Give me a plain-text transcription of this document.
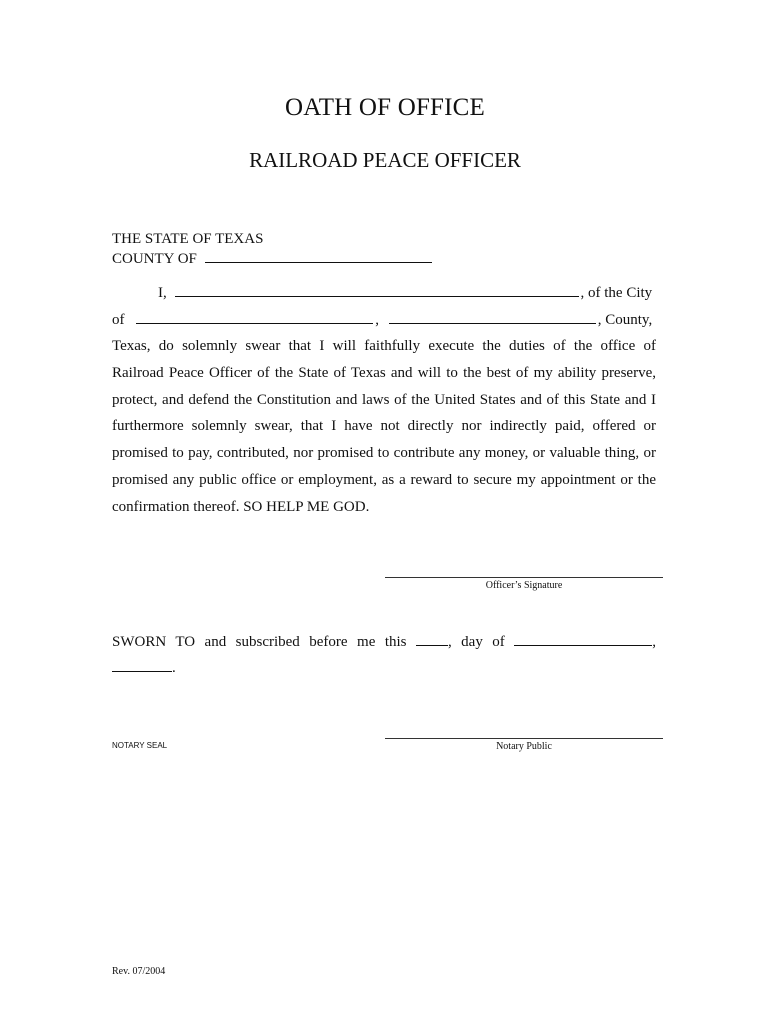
OATH OF OFFICE
RAILROAD PEACE OFFICER
THE STATE OF TEXAS
COUNTY OF
I,	, of the City
of	,	, County,
Texas, do solemnly swear that I will faithfully execute the duties of the office of
Railroad Peace Officer of the State of Texas and will to the best of my ability preserve,
protect, and defend the Constitution and laws of the United States and of this State and I
furthermore solemnly swear, that I have not directly nor indirectly paid, offered or
promised to pay, contributed, nor promised to contribute any money, or valuable thing, or
promised any public office or employment, as a reward to secure my appointment or the
confirmation thereof. SO HELP ME GOD.
Officer’s Signature
SWORN TO and subscribed before me this	, day of	,
.
NOTARY SEAL	Notary Public
Rev. 07/2004
